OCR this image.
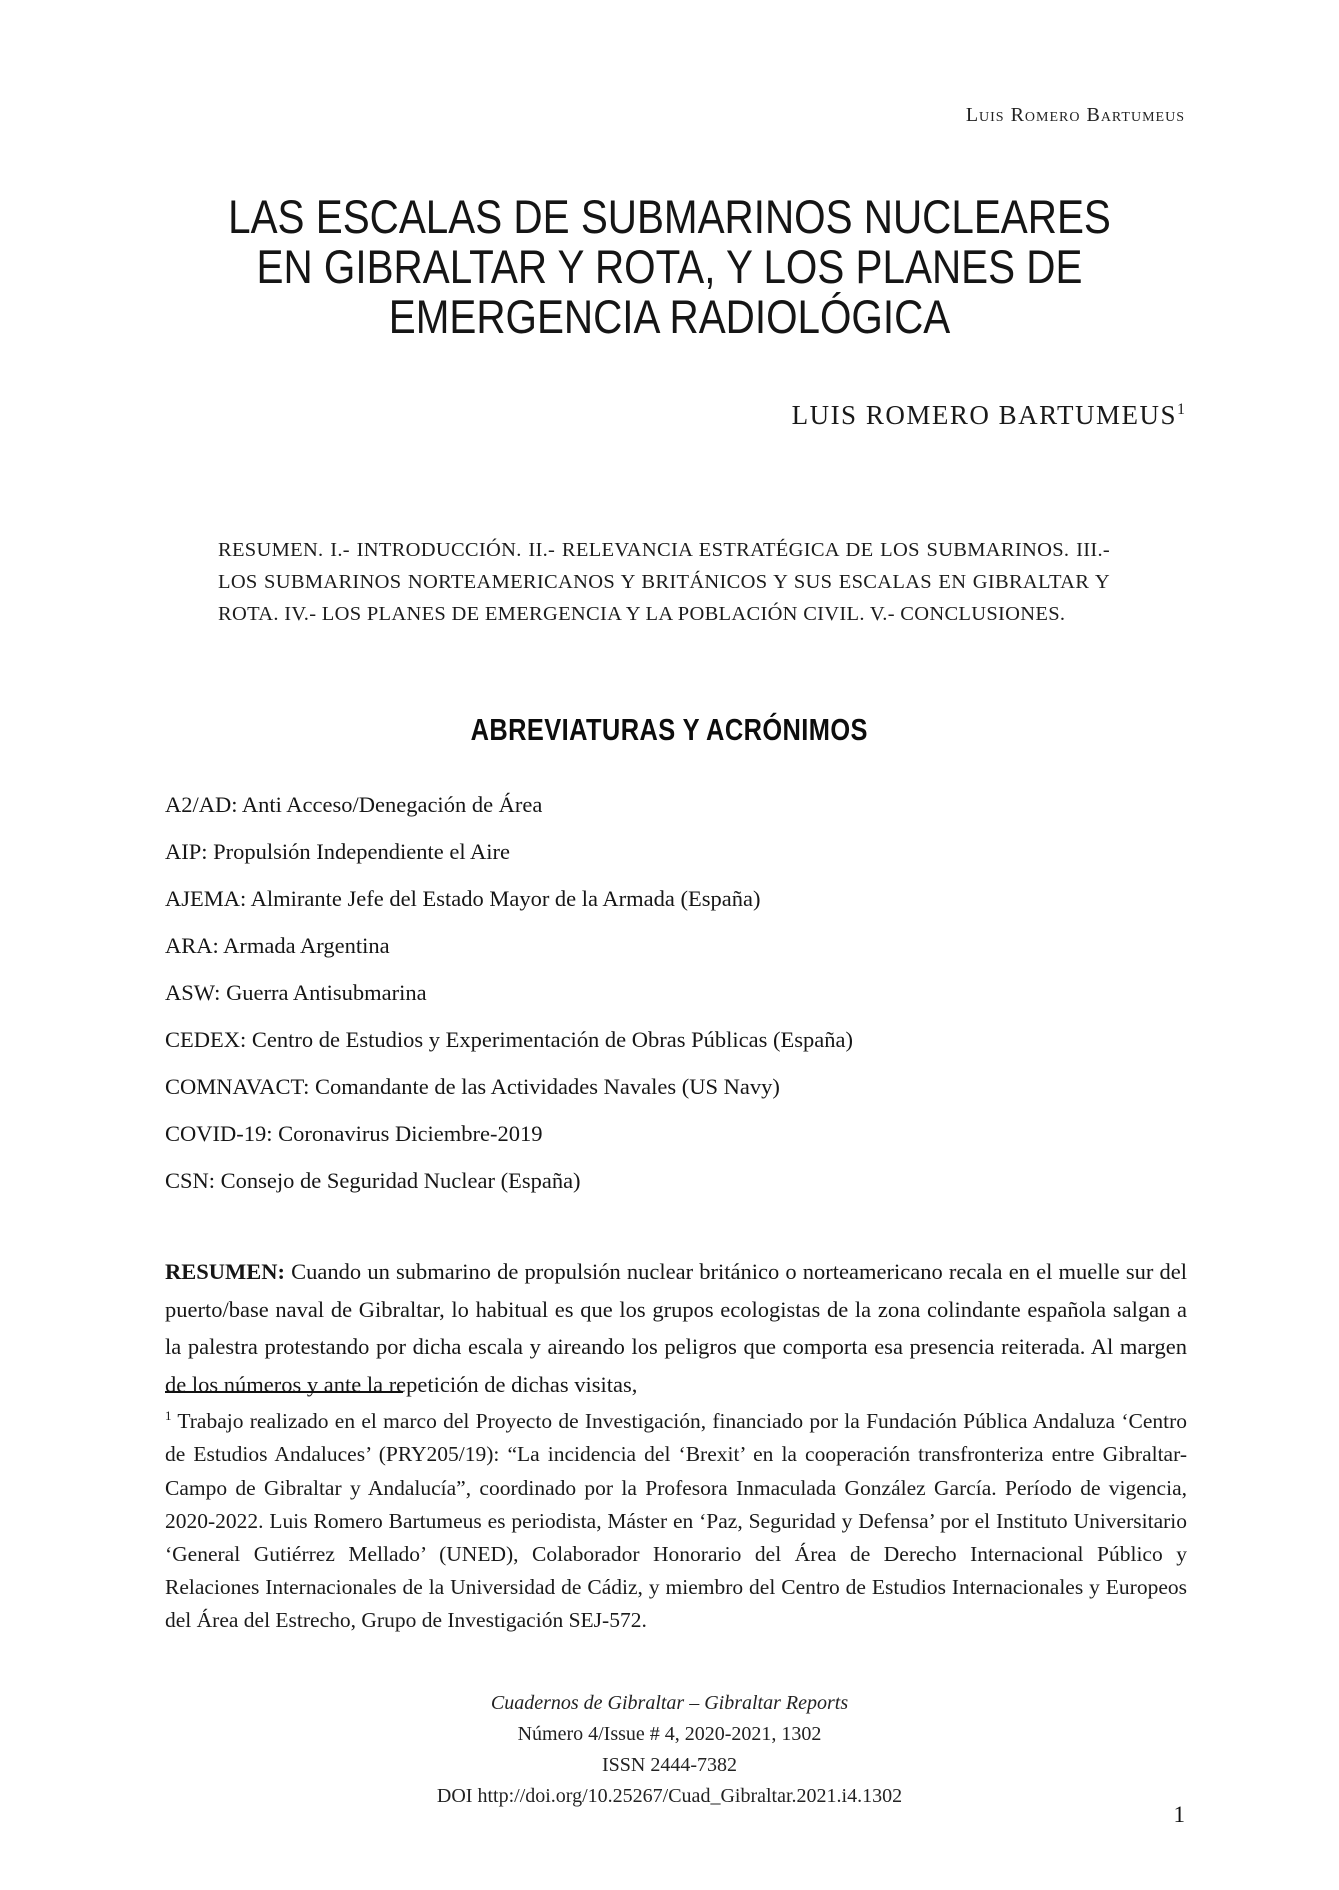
Luis Romero Bartumeus
LAS ESCALAS DE SUBMARINOS NUCLEARES
EN GIBRALTAR Y ROTA, Y LOS PLANES DE
EMERGENCIA RADIOLÓGICA
LUIS ROMERO BARTUMEUS$^1$
RESUMEN. I.- INTRODUCCIÓN. II.- RELEVANCIA ESTRATÉGICA DE LOS SUBMARINOS. III.- LOS SUBMARINOS NORTEAMERICANOS Y BRITÁNICOS Y SUS ESCALAS EN GIBRALTAR Y ROTA. IV.- LOS PLANES DE EMERGENCIA Y LA POBLACIÓN CIVIL. V.- CONCLUSIONES.
ABREVIATURAS Y ACRÓNIMOS

A2/AD: Anti Acceso/Denegación de Área

AIP: Propulsión Independiente el Aire

AJEMA: Almirante Jefe del Estado Mayor de la Armada (España)

ARA: Armada Argentina

ASW: Guerra Antisubmarina

CEDEX: Centro de Estudios y Experimentación de Obras Públicas (España)

COMNAVACT: Comandante de las Actividades Navales (US Navy)

COVID-19: Coronavirus Diciembre-2019

CSN: Consejo de Seguridad Nuclear (España)

RESUMEN: Cuando un submarino de propulsión nuclear británico o norteamericano recala en el muelle sur del puerto/base naval de Gibraltar, lo habitual es que los grupos ecologistas de la zona colindante española salgan a la palestra protestando por dicha escala y aireando los peligros que comporta esa presencia reiterada. Al margen de los números y ante la repetición de dichas visitas,

$^1$ Trabajo realizado en el marco del Proyecto de Investigación, financiado por la Fundación Pública Andaluza ‘Centro de Estudios Andaluces’ (PRY205/19): “La incidencia del ‘Brexit’ en la cooperación transfronteriza entre Gibraltar-Campo de Gibraltar y Andalucía”, coordinado por la Profesora Inmaculada González García. Período de vigencia, 2020-2022. Luis Romero Bartumeus es periodista, Máster en ‘Paz, Seguridad y Defensa’ por el Instituto Universitario ‘General Gutiérrez Mellado’ (UNED), Colaborador Honorario del Área de Derecho Internacional Público y Relaciones Internacionales de la Universidad de Cádiz, y miembro del Centro de Estudios Internacionales y Europeos del Área del Estrecho, Grupo de Investigación SEJ-572.

Cuadernos de Gibraltar – Gibraltar Reports
Número 4/Issue # 4, 2020-2021, 1302
ISSN 2444-7382
DOI http://doi.org/10.25267/Cuad_Gibraltar.2021.i4.1302
1
